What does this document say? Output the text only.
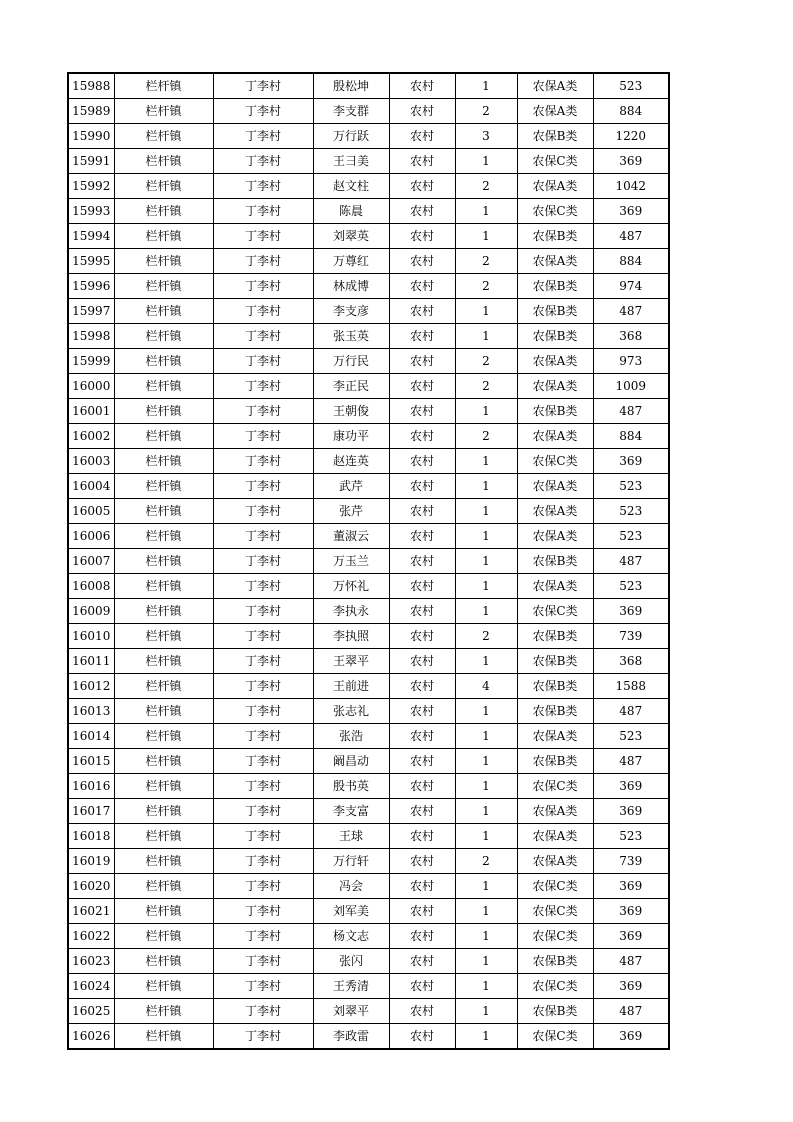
15988	栏杆镇	丁李村	殷松坤	农村	1	农保A类	523
15989	栏杆镇	丁李村	李支群	农村	2	农保A类	884
15990	栏杆镇	丁李村	万行跃	农村	3	农保B类	1220
15991	栏杆镇	丁李村	王彐美	农村	1	农保C类	369
15992	栏杆镇	丁李村	赵文柱	农村	2	农保A类	1042
15993	栏杆镇	丁李村	陈晨	农村	1	农保C类	369
15994	栏杆镇	丁李村	刘翠英	农村	1	农保B类	487
15995	栏杆镇	丁李村	万尊红	农村	2	农保A类	884
15996	栏杆镇	丁李村	林成博	农村	2	农保B类	974
15997	栏杆镇	丁李村	李支彦	农村	1	农保B类	487
15998	栏杆镇	丁李村	张玉英	农村	1	农保B类	368
15999	栏杆镇	丁李村	万行民	农村	2	农保A类	973
16000	栏杆镇	丁李村	李正民	农村	2	农保A类	1009
16001	栏杆镇	丁李村	王朝俊	农村	1	农保B类	487
16002	栏杆镇	丁李村	康功平	农村	2	农保A类	884
16003	栏杆镇	丁李村	赵连英	农村	1	农保C类	369
16004	栏杆镇	丁李村	武芹	农村	1	农保A类	523
16005	栏杆镇	丁李村	张芹	农村	1	农保A类	523
16006	栏杆镇	丁李村	董淑云	农村	1	农保A类	523
16007	栏杆镇	丁李村	万玉兰	农村	1	农保B类	487
16008	栏杆镇	丁李村	万怀礼	农村	1	农保A类	523
16009	栏杆镇	丁李村	李执永	农村	1	农保C类	369
16010	栏杆镇	丁李村	李执照	农村	2	农保B类	739
16011	栏杆镇	丁李村	王翠平	农村	1	农保B类	368
16012	栏杆镇	丁李村	王前进	农村	4	农保B类	1588
16013	栏杆镇	丁李村	张志礼	农村	1	农保B类	487
16014	栏杆镇	丁李村	张浩	农村	1	农保A类	523
16015	栏杆镇	丁李村	阚昌动	农村	1	农保B类	487
16016	栏杆镇	丁李村	殷书英	农村	1	农保C类	369
16017	栏杆镇	丁李村	李支富	农村	1	农保A类	369
16018	栏杆镇	丁李村	王球	农村	1	农保A类	523
16019	栏杆镇	丁李村	万行轩	农村	2	农保A类	739
16020	栏杆镇	丁李村	冯会	农村	1	农保C类	369
16021	栏杆镇	丁李村	刘军美	农村	1	农保C类	369
16022	栏杆镇	丁李村	杨文志	农村	1	农保C类	369
16023	栏杆镇	丁李村	张闪	农村	1	农保B类	487
16024	栏杆镇	丁李村	王秀清	农村	1	农保C类	369
16025	栏杆镇	丁李村	刘翠平	农村	1	农保B类	487
16026	栏杆镇	丁李村	李政雷	农村	1	农保C类	369
